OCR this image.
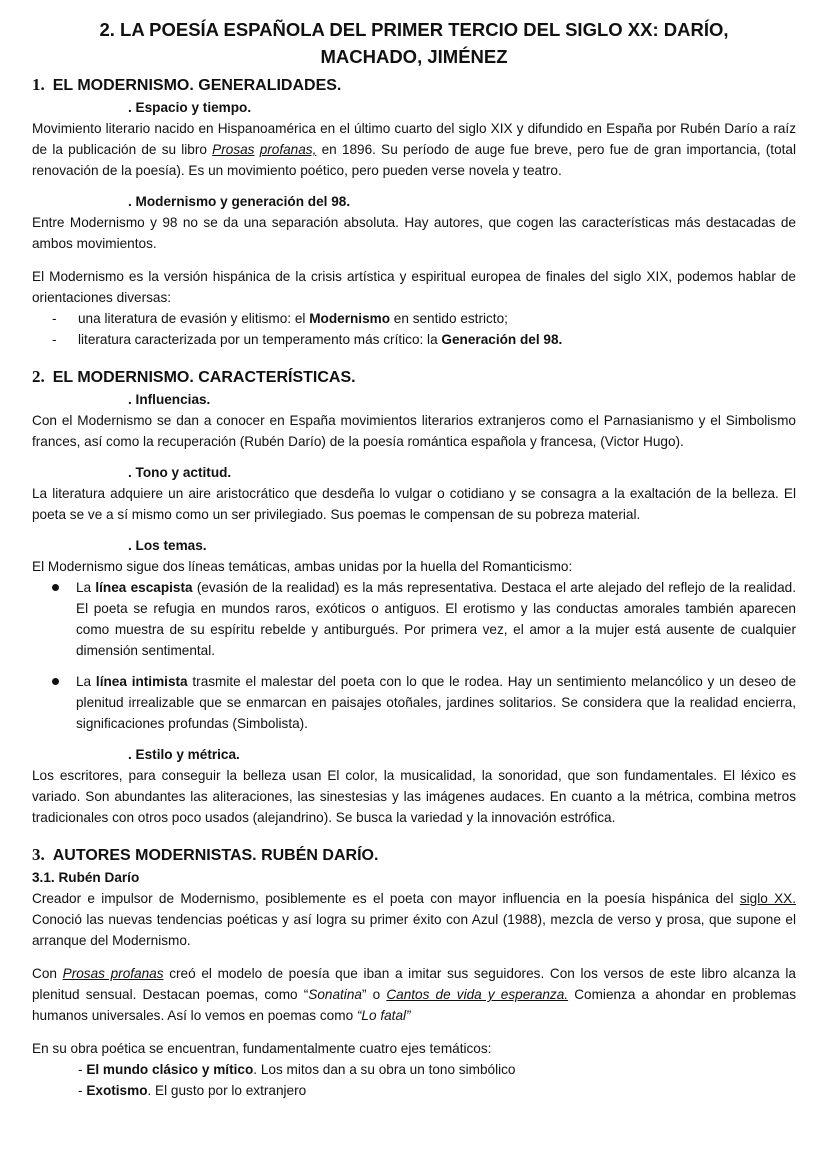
2. LA POESÍA ESPAÑOLA DEL PRIMER TERCIO DEL SIGLO XX: DARÍO, MACHADO, JIMÉNEZ
1. EL MODERNISMO. GENERALIDADES.
. Espacio y tiempo.

Movimiento literario nacido en Hispanoamérica en el último cuarto del siglo XIX y difundido en España por Rubén Darío a raíz de la publicación de su libro Prosas profanas, en 1896. Su período de auge fue breve, pero fue de gran importancia, (total renovación de la poesía). Es un movimiento poético, pero pueden verse novela y teatro.

. Modernismo y generación del 98.

Entre Modernismo y 98 no se da una separación absoluta. Hay autores, que cogen las características más destacadas de ambos movimientos.

El Modernismo es la versión hispánica de la crisis artística y espiritual europea de finales del siglo XIX, podemos hablar de orientaciones diversas:

- una literatura de evasión y elitismo: el Modernismo en sentido estricto;
- literatura caracterizada por un temperamento más crítico: la Generación del 98.
2. EL MODERNISMO. CARACTERÍSTICAS.
. Influencias.

Con el Modernismo se dan a conocer en España movimientos literarios extranjeros como el Parnasianismo y el Simbolismo frances, así como la recuperación (Rubén Darío) de la poesía romántica española y francesa, (Victor Hugo).

. Tono y actitud.

La literatura adquiere un aire aristocrático que desdeña lo vulgar o cotidiano y se consagra a la exaltación de la belleza. El poeta se ve a sí mismo como un ser privilegiado. Sus poemas le compensan de su pobreza material.

. Los temas.

El Modernismo sigue dos líneas temáticas, ambas unidas por la huella del Romanticismo:

La línea escapista (evasión de la realidad) es la más representativa. Destaca el arte alejado del reflejo de la realidad. El poeta se refugia en mundos raros, exóticos o antiguos. El erotismo y las conductas amorales también aparecen como muestra de su espíritu rebelde y antiburgués. Por primera vez, el amor a la mujer está ausente de cualquier dimensión sentimental.
La línea intimista trasmite el malestar del poeta con lo que le rodea. Hay un sentimiento melancólico y un deseo de plenitud irrealizable que se enmarcan en paisajes otoñales, jardines solitarios. Se considera que la realidad encierra, significaciones profundas (Simbolista).
. Estilo y métrica.

Los escritores, para conseguir la belleza usan El color, la musicalidad, la sonoridad, que son fundamentales. El léxico es variado. Son abundantes las aliteraciones, las sinestesias y las imágenes audaces. En cuanto a la métrica, combina metros tradicionales con otros poco usados (alejandrino). Se busca la variedad y la innovación estrófica.

3. AUTORES MODERNISTAS. RUBÉN DARÍO.
3.1. Rubén Darío

Creador e impulsor de Modernismo, posiblemente es el poeta con mayor influencia en la poesía hispánica del siglo XX. Conoció las nuevas tendencias poéticas y así logra su primer éxito con Azul (1988), mezcla de verso y prosa, que supone el arranque del Modernismo.

Con Prosas profanas creó el modelo de poesía que iban a imitar sus seguidores. Con los versos de este libro alcanza la plenitud sensual. Destacan poemas, como “Sonatina” o Cantos de vida y esperanza. Comienza a ahondar en problemas humanos universales. Así lo vemos en poemas como “Lo fatal”

En su obra poética se encuentran, fundamentalmente cuatro ejes temáticos:

- El mundo clásico y mítico. Los mitos dan a su obra un tono simbólico
- Exotismo. El gusto por lo extranjero
